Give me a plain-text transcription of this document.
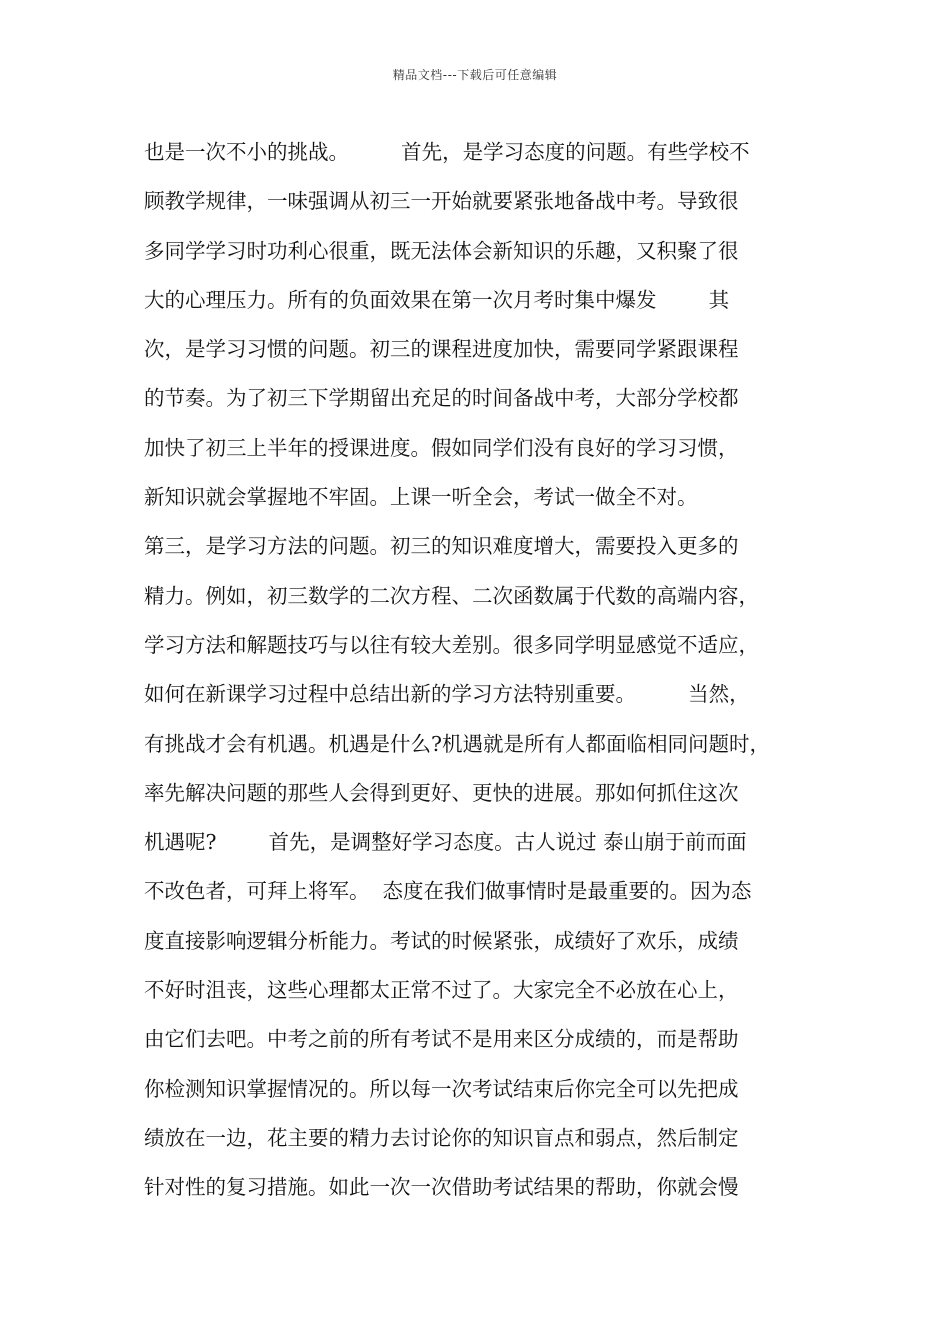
精品文档---下载后可任意编辑
也是一次不小的挑战。        首先，是学习态度的问题。有些学校不
顾教学规律，一味强调从初三一开始就要紧张地备战中考。导致很
多同学学习时功利心很重，既无法体会新知识的乐趣，又积聚了很
大的心理压力。所有的负面效果在第一次月考时集中爆发        其
次，是学习习惯的问题。初三的课程进度加快，需要同学紧跟课程
的节奏。为了初三下学期留出充足的时间备战中考，大部分学校都
加快了初三上半年的授课进度。假如同学们没有良好的学习习惯，
新知识就会掌握地不牢固。上课一听全会，考试一做全不对。
第三，是学习方法的问题。初三的知识难度增大，需要投入更多的
精力。例如，初三数学的二次方程、二次函数属于代数的高端内容，
学习方法和解题技巧与以往有较大差别。很多同学明显感觉不适应，
如何在新课学习过程中总结出新的学习方法特别重要。        当然，
有挑战才会有机遇。机遇是什么?机遇就是所有人都面临相同问题时，
率先解决问题的那些人会得到更好、更快的进展。那如何抓住这次
机遇呢?        首先，是调整好学习态度。古人说过 泰山崩于前而面
不改色者，可拜上将军。  态度在我们做事情时是最重要的。因为态
度直接影响逻辑分析能力。考试的时候紧张，成绩好了欢乐，成绩
不好时沮丧，这些心理都太正常不过了。大家完全不必放在心上，
由它们去吧。中考之前的所有考试不是用来区分成绩的，而是帮助
你检测知识掌握情况的。所以每一次考试结束后你完全可以先把成
绩放在一边，花主要的精力去讨论你的知识盲点和弱点，然后制定
针对性的复习措施。如此一次一次借助考试结果的帮助，你就会慢
